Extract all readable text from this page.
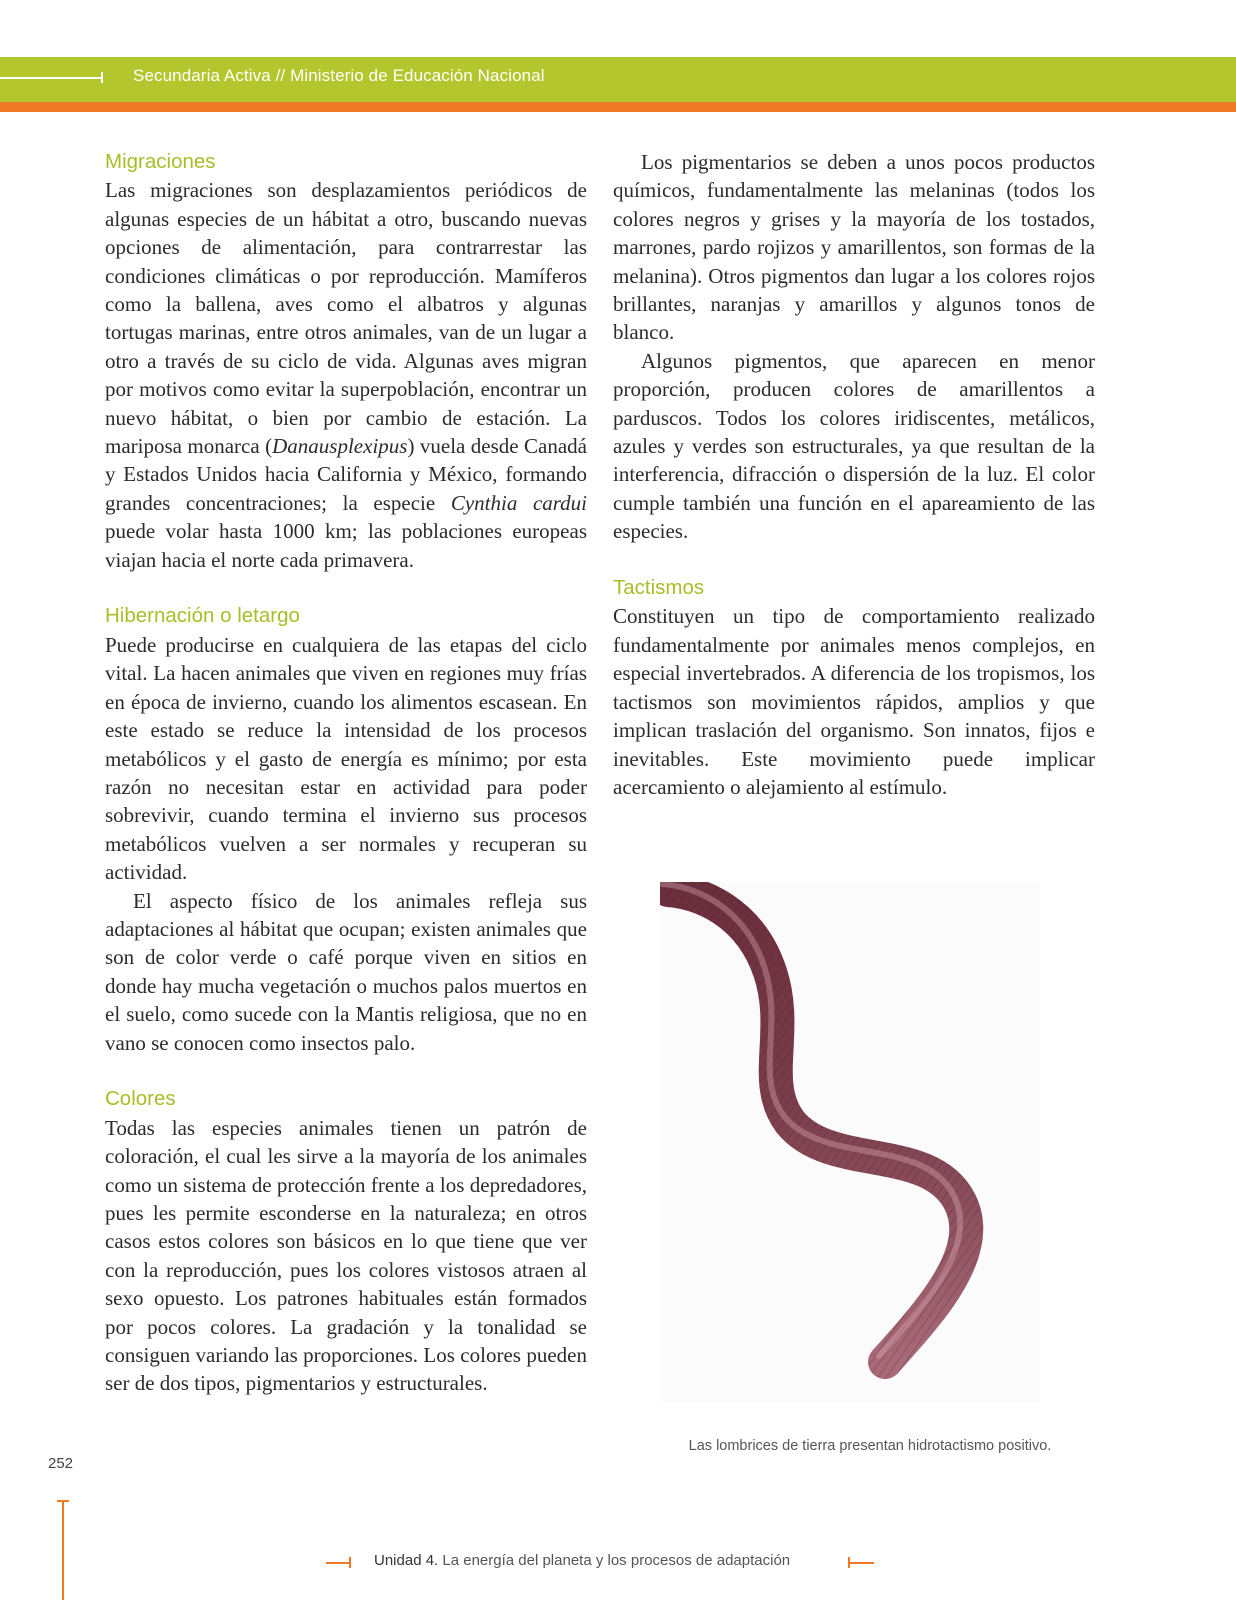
Secundaria Activa // Ministerio de Educación Nacional
Migraciones

Las migraciones son desplazamientos periódicos de algunas especies de un hábitat a otro, buscando nuevas opciones de alimentación, para contrarrestar las condiciones climáticas o por reproducción. Mamíferos como la ballena, aves como el albatros y algunas tortugas marinas, entre otros animales, van de un lugar a otro a través de su ciclo de vida. Algunas aves migran por motivos como evitar la superpoblación, encontrar un nuevo hábitat, o bien por cambio de estación. La mariposa monarca (Danausplexipus) vuela desde Canadá y Estados Unidos hacia California y México, formando grandes concentraciones; la especie Cynthia cardui puede volar hasta 1000 km; las poblaciones europeas viajan hacia el norte cada primavera.

Hibernación o letargo

Puede producirse en cualquiera de las etapas del ciclo vital. La hacen animales que viven en regiones muy frías en época de invierno, cuando los alimentos escasean. En este estado se reduce la intensidad de los procesos metabólicos y el gasto de energía es mínimo; por esta razón no necesitan estar en actividad para poder sobrevivir, cuando termina el invierno sus procesos metabólicos vuelven a ser normales y recuperan su actividad.

El aspecto físico de los animales refleja sus adaptaciones al hábitat que ocupan; existen animales que son de color verde o café porque viven en sitios en donde hay mucha vegetación o muchos palos muertos en el suelo, como sucede con la Mantis religiosa, que no en vano se conocen como insectos palo.

Colores

Todas las especies animales tienen un patrón de coloración, el cual les sirve a la mayoría de los animales como un sistema de protección frente a los depredadores, pues les permite esconderse en la naturaleza; en otros casos estos colores son básicos en lo que tiene que ver con la reproducción, pues los colores vistosos atraen al sexo opuesto. Los patrones habituales están formados por pocos colores. La gradación y la tonalidad se consiguen variando las proporciones. Los colores pueden ser de dos tipos, pigmentarios y estructurales.

Los pigmentarios se deben a unos pocos productos químicos, fundamentalmente las melaninas (todos los colores negros y grises y la mayoría de los tostados, marrones, pardo rojizos y amarillentos, son formas de la melanina). Otros pigmentos dan lugar a los colores rojos brillantes, naranjas y amarillos y algunos tonos de blanco.

Algunos pigmentos, que aparecen en menor proporción, producen colores de amarillentos a parduscos. Todos los colores iridiscentes, metálicos, azules y verdes son estructurales, ya que resultan de la interferencia, difracción o dispersión de la luz. El color cumple también una función en el apareamiento de las especies.

Tactismos

Constituyen un tipo de comportamiento realizado fundamentalmente por animales menos complejos, en especial invertebrados. A diferencia de los tropismos, los tactismos son movimientos rápidos, amplios y que implican traslación del organismo. Son innatos, fijos e inevitables. Este movimiento puede implicar acercamiento o alejamiento al estímulo.

Las lombrices de tierra presentan hidrotactismo positivo.
252
Unidad 4. La energía del planeta y los procesos de adaptación
